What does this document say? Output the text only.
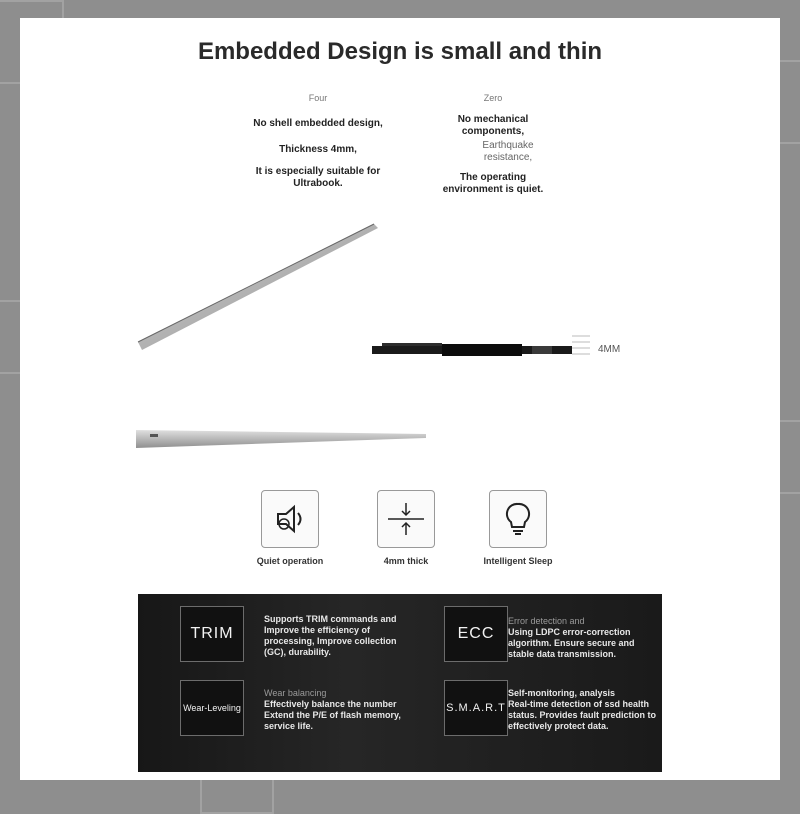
Embedded Design is small and thin
Four
No shell embedded design,
Thickness 4mm,
It is especially suitable for Ultrabook.
Zero
No mechanical components,
Earthquake resistance,
The operating environment is quiet.
4MM
Quiet operation	4mm thick	Intelligent Sleep
TRIM
Supports TRIM commands and
Improve the efficiency of processing, Improve collection (GC), durability.
ECC
Error detection and
Using LDPC error-correction algorithm. Ensure secure and stable data transmission.
Wear-Leveling
Wear balancing
Effectively balance the number Extend the P/E of flash memory, service life.
S.M.A.R.T
Self-monitoring, analysis
Real-time detection of ssd health status. Provides fault prediction to effectively protect data.
